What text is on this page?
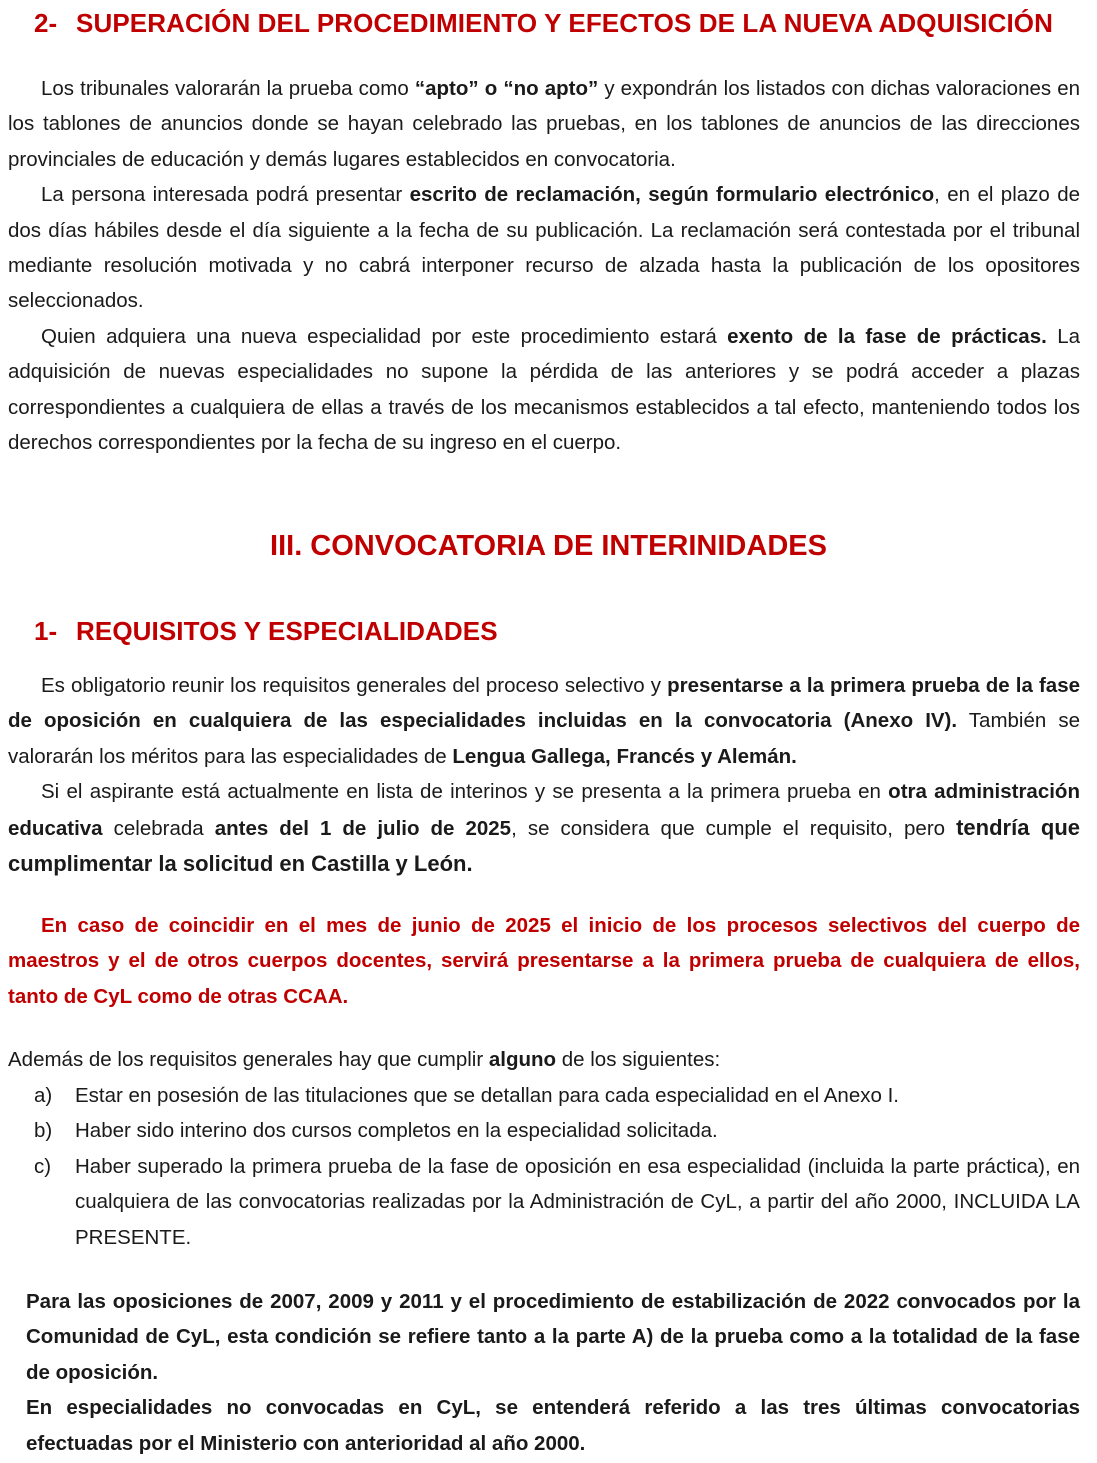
2- SUPERACIÓN DEL PROCEDIMIENTO Y EFECTOS DE LA NUEVA ADQUISICIÓN

Los tribunales valorarán la prueba como “apto” o “no apto” y expondrán los listados con dichas valoraciones en los tablones de anuncios donde se hayan celebrado las pruebas, en los tablones de anuncios de las direcciones provinciales de educación y demás lugares establecidos en convocatoria.

La persona interesada podrá presentar escrito de reclamación, según formulario electrónico, en el plazo de dos días hábiles desde el día siguiente a la fecha de su publicación. La reclamación será contestada por el tribunal mediante resolución motivada y no cabrá interponer recurso de alzada hasta la publicación de los opositores seleccionados.

Quien adquiera una nueva especialidad por este procedimiento estará exento de la fase de prácticas. La adquisición de nuevas especialidades no supone la pérdida de las anteriores y se podrá acceder a plazas correspondientes a cualquiera de ellas a través de los mecanismos establecidos a tal efecto, manteniendo todos los derechos correspondientes por la fecha de su ingreso en el cuerpo.

III. CONVOCATORIA DE INTERINIDADES
1- REQUISITOS Y ESPECIALIDADES

Es obligatorio reunir los requisitos generales del proceso selectivo y presentarse a la primera prueba de la fase de oposición en cualquiera de las especialidades incluidas en la convocatoria (Anexo IV). También se valorarán los méritos para las especialidades de Lengua Gallega, Francés y Alemán.

Si el aspirante está actualmente en lista de interinos y se presenta a la primera prueba en otra administración educativa celebrada antes del 1 de julio de 2025, se considera que cumple el requisito, pero tendría que cumplimentar la solicitud en Castilla y León.

En caso de coincidir en el mes de junio de 2025 el inicio de los procesos selectivos del cuerpo de maestros y el de otros cuerpos docentes, servirá presentarse a la primera prueba de cualquiera de ellos, tanto de CyL como de otras CCAA.

Además de los requisitos generales hay que cumplir alguno de los siguientes:

a) Estar en posesión de las titulaciones que se detallan para cada especialidad en el Anexo I.
b) Haber sido interino dos cursos completos en la especialidad solicitada.
c) Haber superado la primera prueba de la fase de oposición en esa especialidad (incluida la parte práctica), en cualquiera de las convocatorias realizadas por la Administración de CyL, a partir del año 2000, INCLUIDA LA PRESENTE.

Para las oposiciones de 2007, 2009 y 2011 y el procedimiento de estabilización de 2022 convocados por la Comunidad de CyL, esta condición se refiere tanto a la parte A) de la prueba como a la totalidad de la fase de oposición.

En especialidades no convocadas en CyL, se entenderá referido a las tres últimas convocatorias efectuadas por el Ministerio con anterioridad al año 2000.
